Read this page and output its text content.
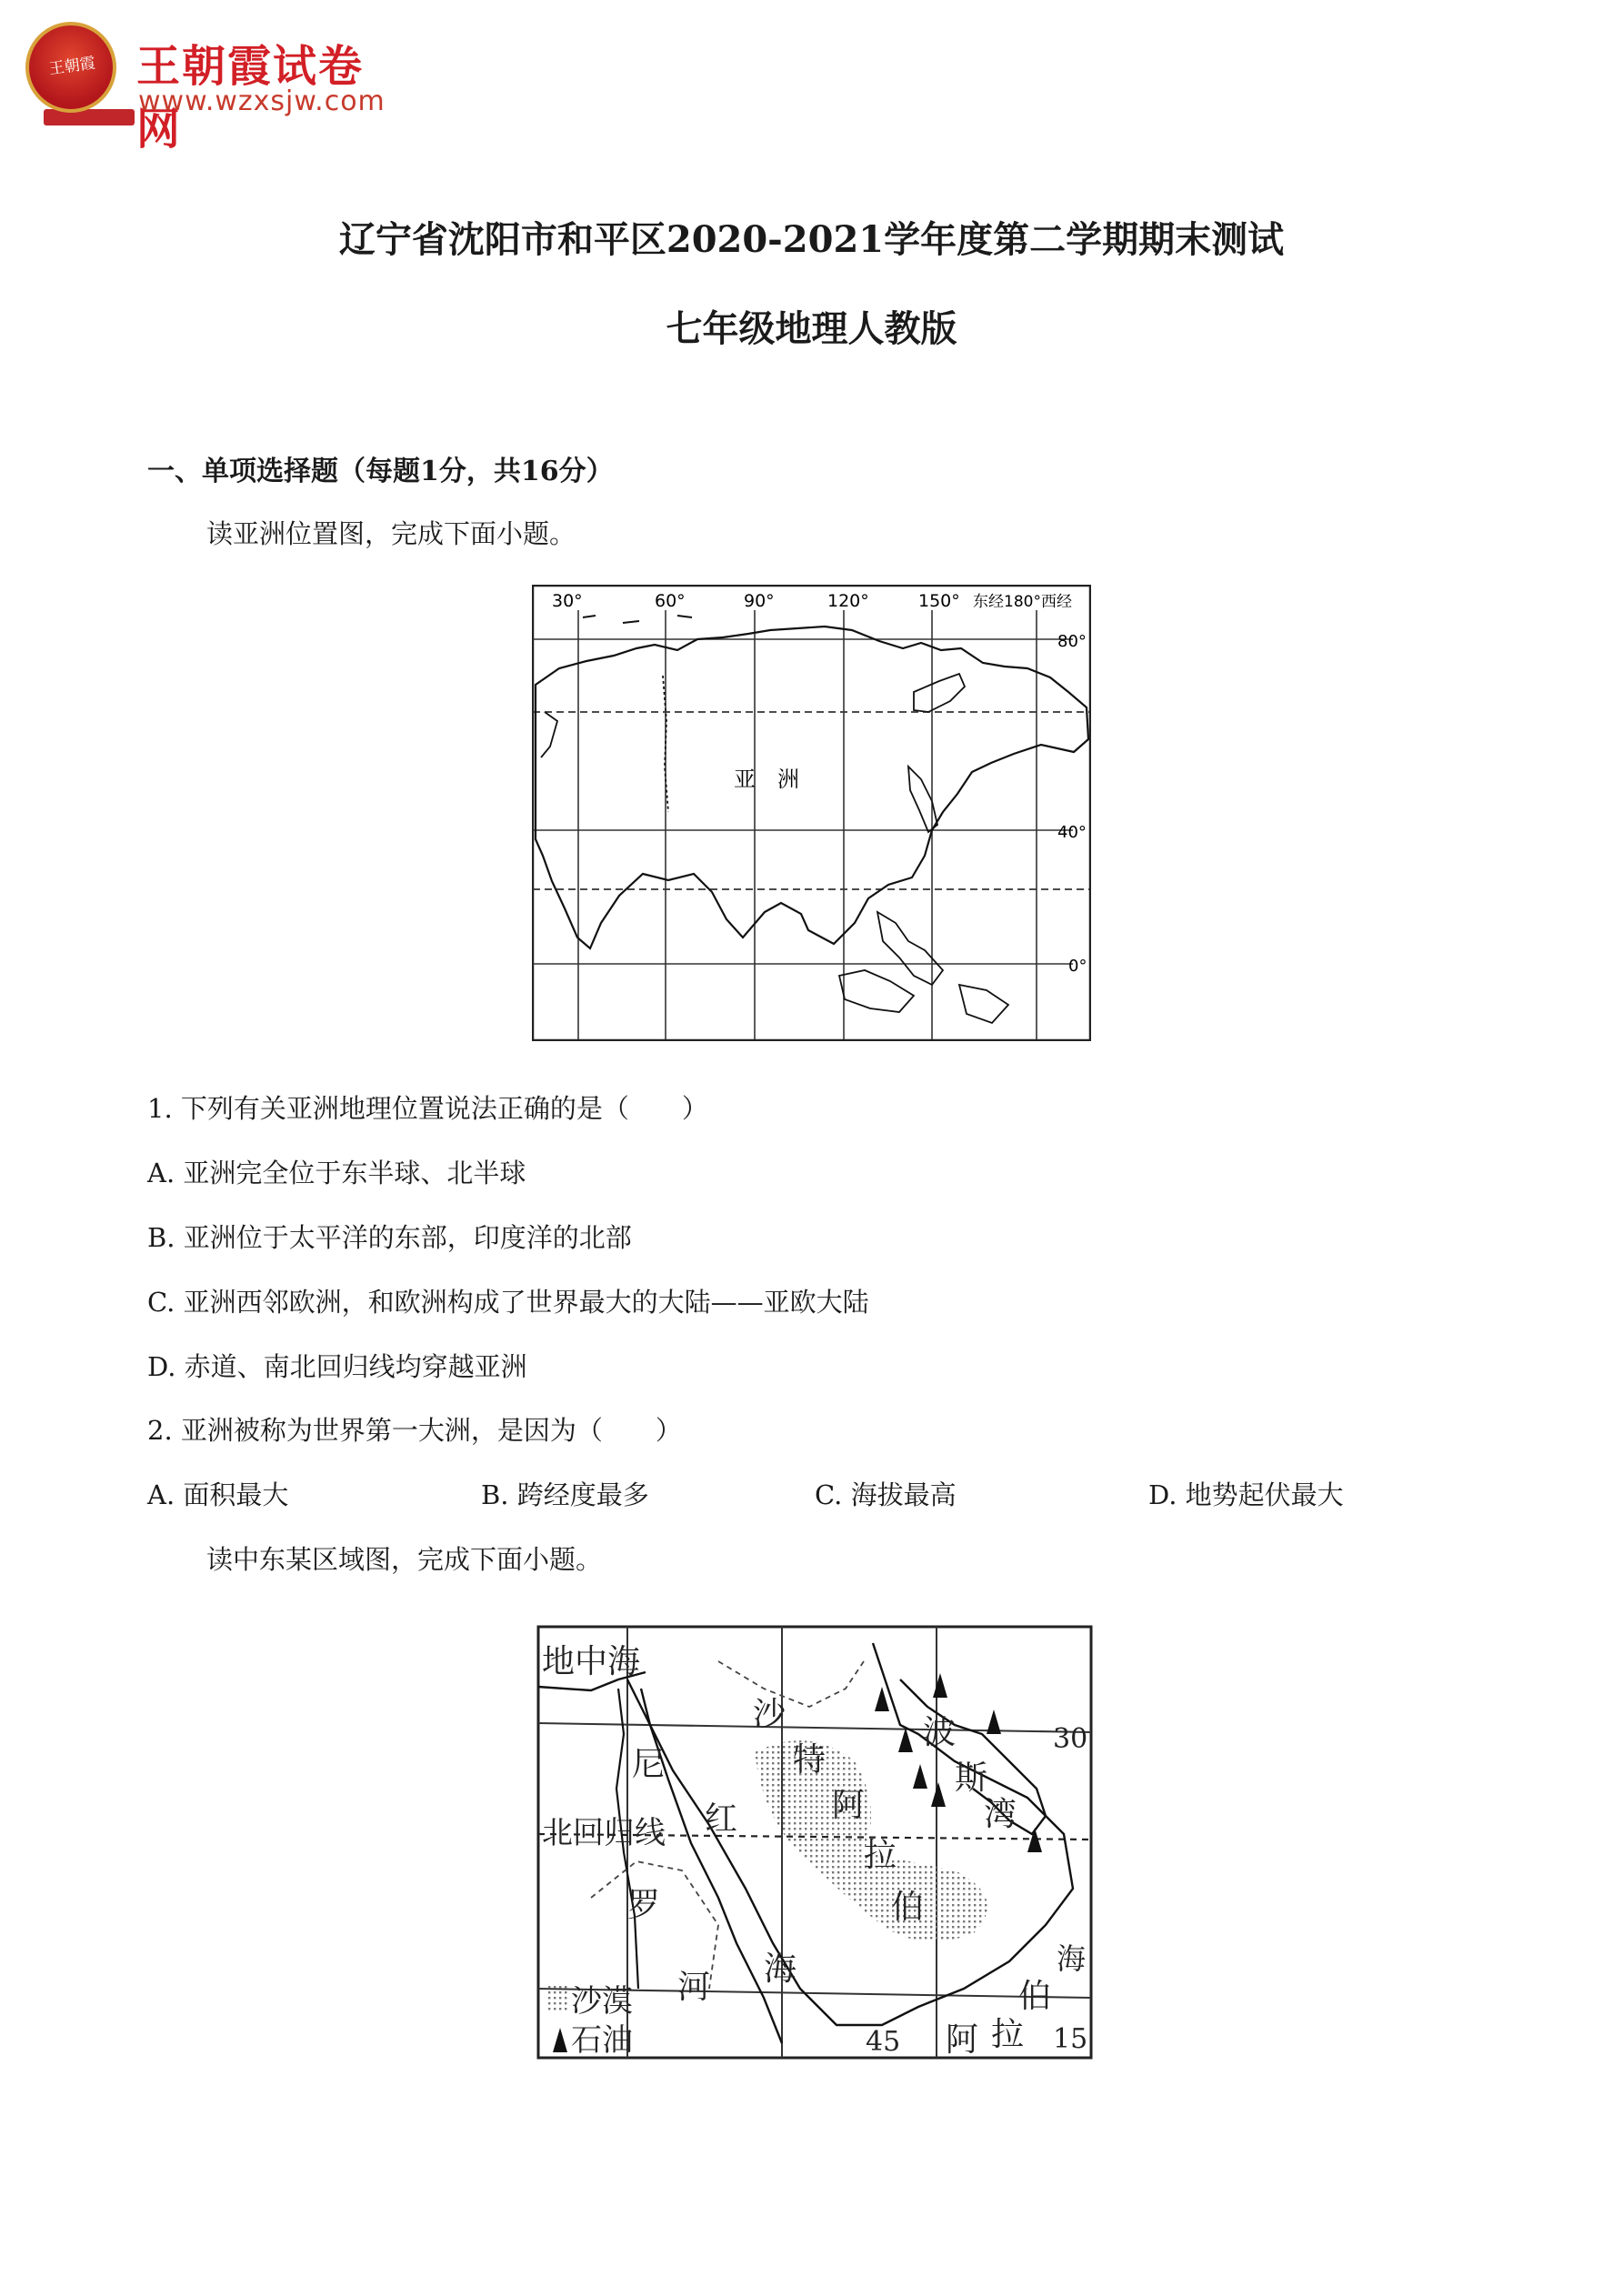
王朝霞 王朝霞试卷网
www.wzxsjw.com
辽宁省沈阳市和平区2020-2021学年度第二学期期末测试
七年级地理人教版
一、单项选择题（每题1分，共16分）
读亚洲位置图，完成下面小题。
30°	60°	90°	120°	150° 东经180°西经
80°
40°
0°
亚　洲
1. 下列有关亚洲地理位置说法正确的是（　　）
A. 亚洲完全位于东半球、北半球
B. 亚洲位于太平洋的东部，印度洋的北部
C. 亚洲西邻欧洲，和欧洲构成了世界最大的大陆——亚欧大陆
D. 赤道、南北回归线均穿越亚洲
2. 亚洲被称为世界第一大洲，是因为（　　）
A. 面积最大	B. 跨经度最多	C. 海拔最高	D. 地势起伏最大
读中东某区域图，完成下面小题。
地中海
沙
尼
罗
河
特
阿
拉
伯
波
斯
湾
红
海
北回归线
沙漠
石油
30
15
45 阿 拉
伯
海
